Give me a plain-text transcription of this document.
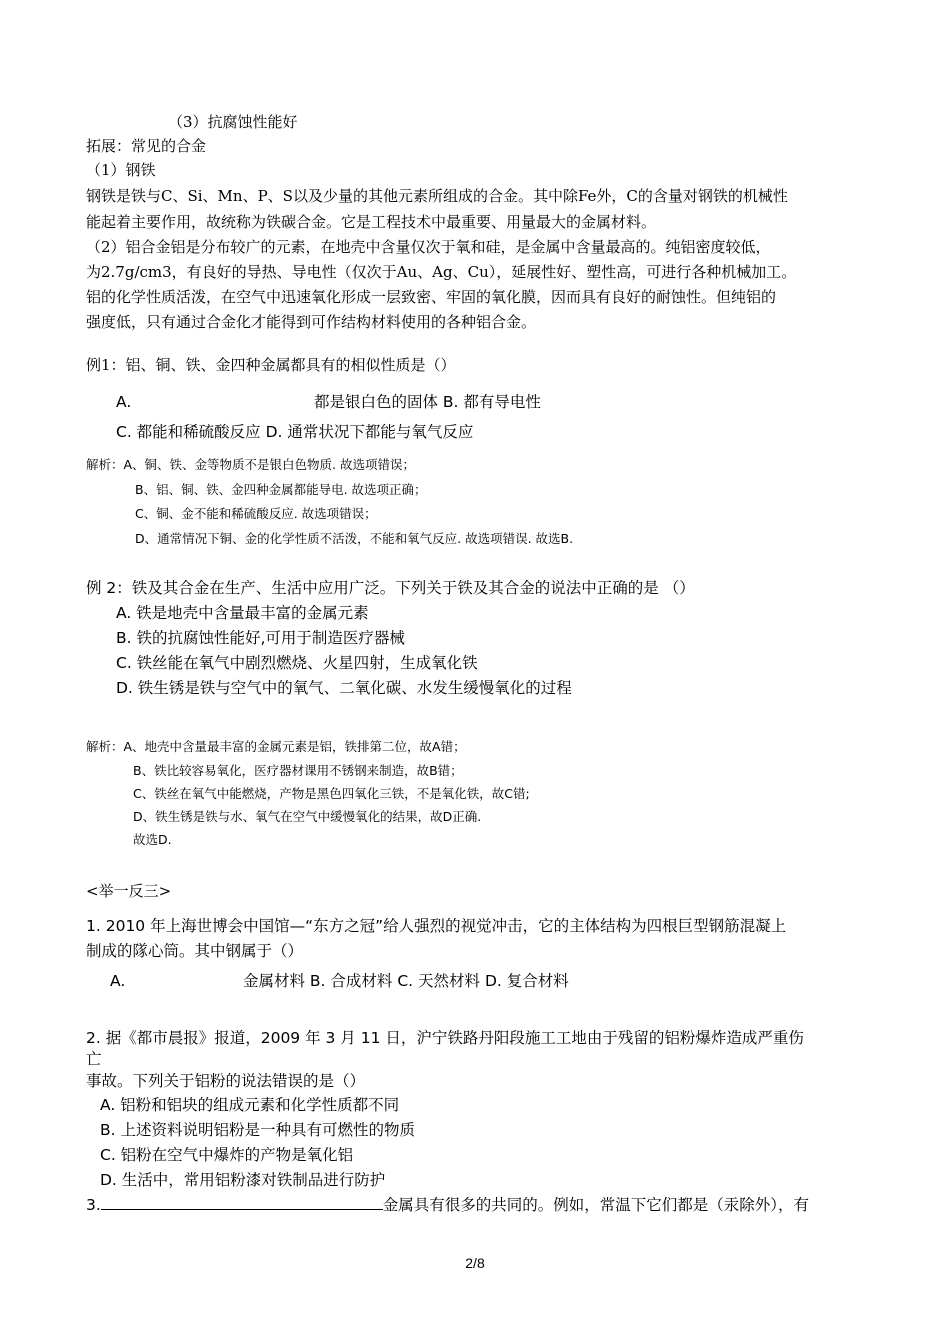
（3）抗腐蚀性能好
拓展：常见的合金
（1）钢铁
钢铁是铁与C、Si、Mn、P、S以及少量的其他元素所组成的合金。其中除Fe外，C的含量对钢铁的机械性
能起着主要作用，故统称为铁碳合金。它是工程技术中最重要、用量最大的金属材料。
（2）铝合金铝是分布较广的元素，在地壳中含量仅次于氧和硅，是金属中含量最高的。纯铝密度较低，
为2.7g/cm3，有良好的导热、导电性（仅次于Au、Ag、Cu），延展性好、塑性高，可进行各种机械加工。
铝的化学性质活泼，在空气中迅速氧化形成一层致密、牢固的氧化膜，因而具有良好的耐蚀性。但纯铝的
强度低，只有通过合金化才能得到可作结构材料使用的各种铝合金。
例1：铝、铜、铁、金四种金属都具有的相似性质是（）
A.	都是银白色的固体 B. 都有导电性
C. 都能和稀硫酸反应 D. 通常状况下都能与氧气反应
解析：A、铜、铁、金等物质不是银白色物质. 故选项错误；
B、铝、铜、铁、金四种金属都能导电. 故选项正确；
C、铜、金不能和稀硫酸反应. 故选项错误；
D、通常情况下铜、金的化学性质不活泼，不能和氧气反应. 故选项错误. 故选B.
例 2：铁及其合金在生产、生活中应用广泛。下列关于铁及其合金的说法中正确的是 （）
A. 铁是地壳中含量最丰富的金属元素
B. 铁的抗腐蚀性能好,可用于制造医疗器械
C. 铁丝能在氧气中剧烈燃烧、火星四射，生成氧化铁
D. 铁生锈是铁与空气中的氧气、二氧化碳、水发生缓慢氧化的过程
解析：A、地壳中含量最丰富的金属元素是铝，铁排第二位，故A错；
B、铁比较容易氧化，医疗器材课用不锈钢来制造，故B错；
C、铁丝在氧气中能燃烧，产物是黑色四氧化三铁，不是氧化铁，故C错;
D、铁生锈是铁与水、氧气在空气中缓慢氧化的结果，故D正确.
故选D.
<举一反三>
1. 2010 年上海世博会中国馆—“东方之冠”给人强烈的视觉冲击，它的主体结构为四根巨型钢筋混凝上
制成的隊心筒。其中钢属于（）
A.	金属材料 B. 合成材料 C. 天然材料 D. 复合材料
2. 据《都市晨报》报道，2009 年 3 月 11 日，沪宁铁路丹阳段施工工地由于残留的铝粉爆炸造成严重伤
亡
事故。下列关于铝粉的说法错误的是（）
A. 铝粉和铝块的组成元素和化学性质都不同
B. 上述资料说明铝粉是一种具有可燃性的物质
C. 铝粉在空气中爆炸的产物是氧化铝
D. 生活中，常用铝粉漆对铁制品进行防护
3.	金属具有很多的共同的。例如，常温下它们都是（汞除外），有
2/8
